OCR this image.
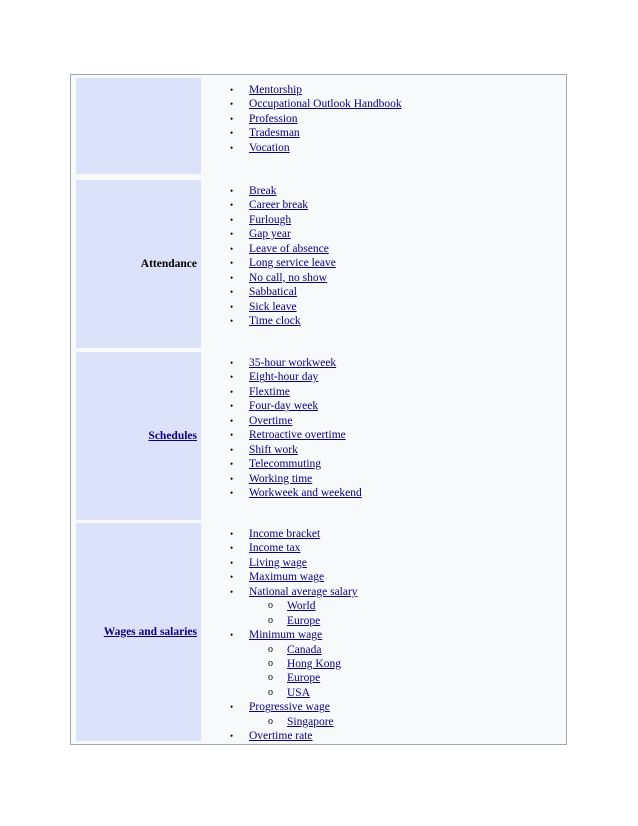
• Mentorship
• Occupational Outlook Handbook
• Profession
• Tradesman
• Vocation
Attendance
• Break
• Career break
• Furlough
• Gap year
• Leave of absence
• Long service leave
• No call, no show
• Sabbatical
• Sick leave
• Time clock
Schedules
• 35-hour workweek
• Eight-hour day
• Flextime
• Four-day week
• Overtime
• Retroactive overtime
• Shift work
• Telecommuting
• Working time
• Workweek and weekend
Wages and salaries
• Income bracket
• Income tax
• Living wage
• Maximum wage
• National average salary
o World
o Europe
• Minimum wage
o Canada
o Hong Kong
o Europe
o USA
• Progressive wage
o Singapore
• Overtime rate
